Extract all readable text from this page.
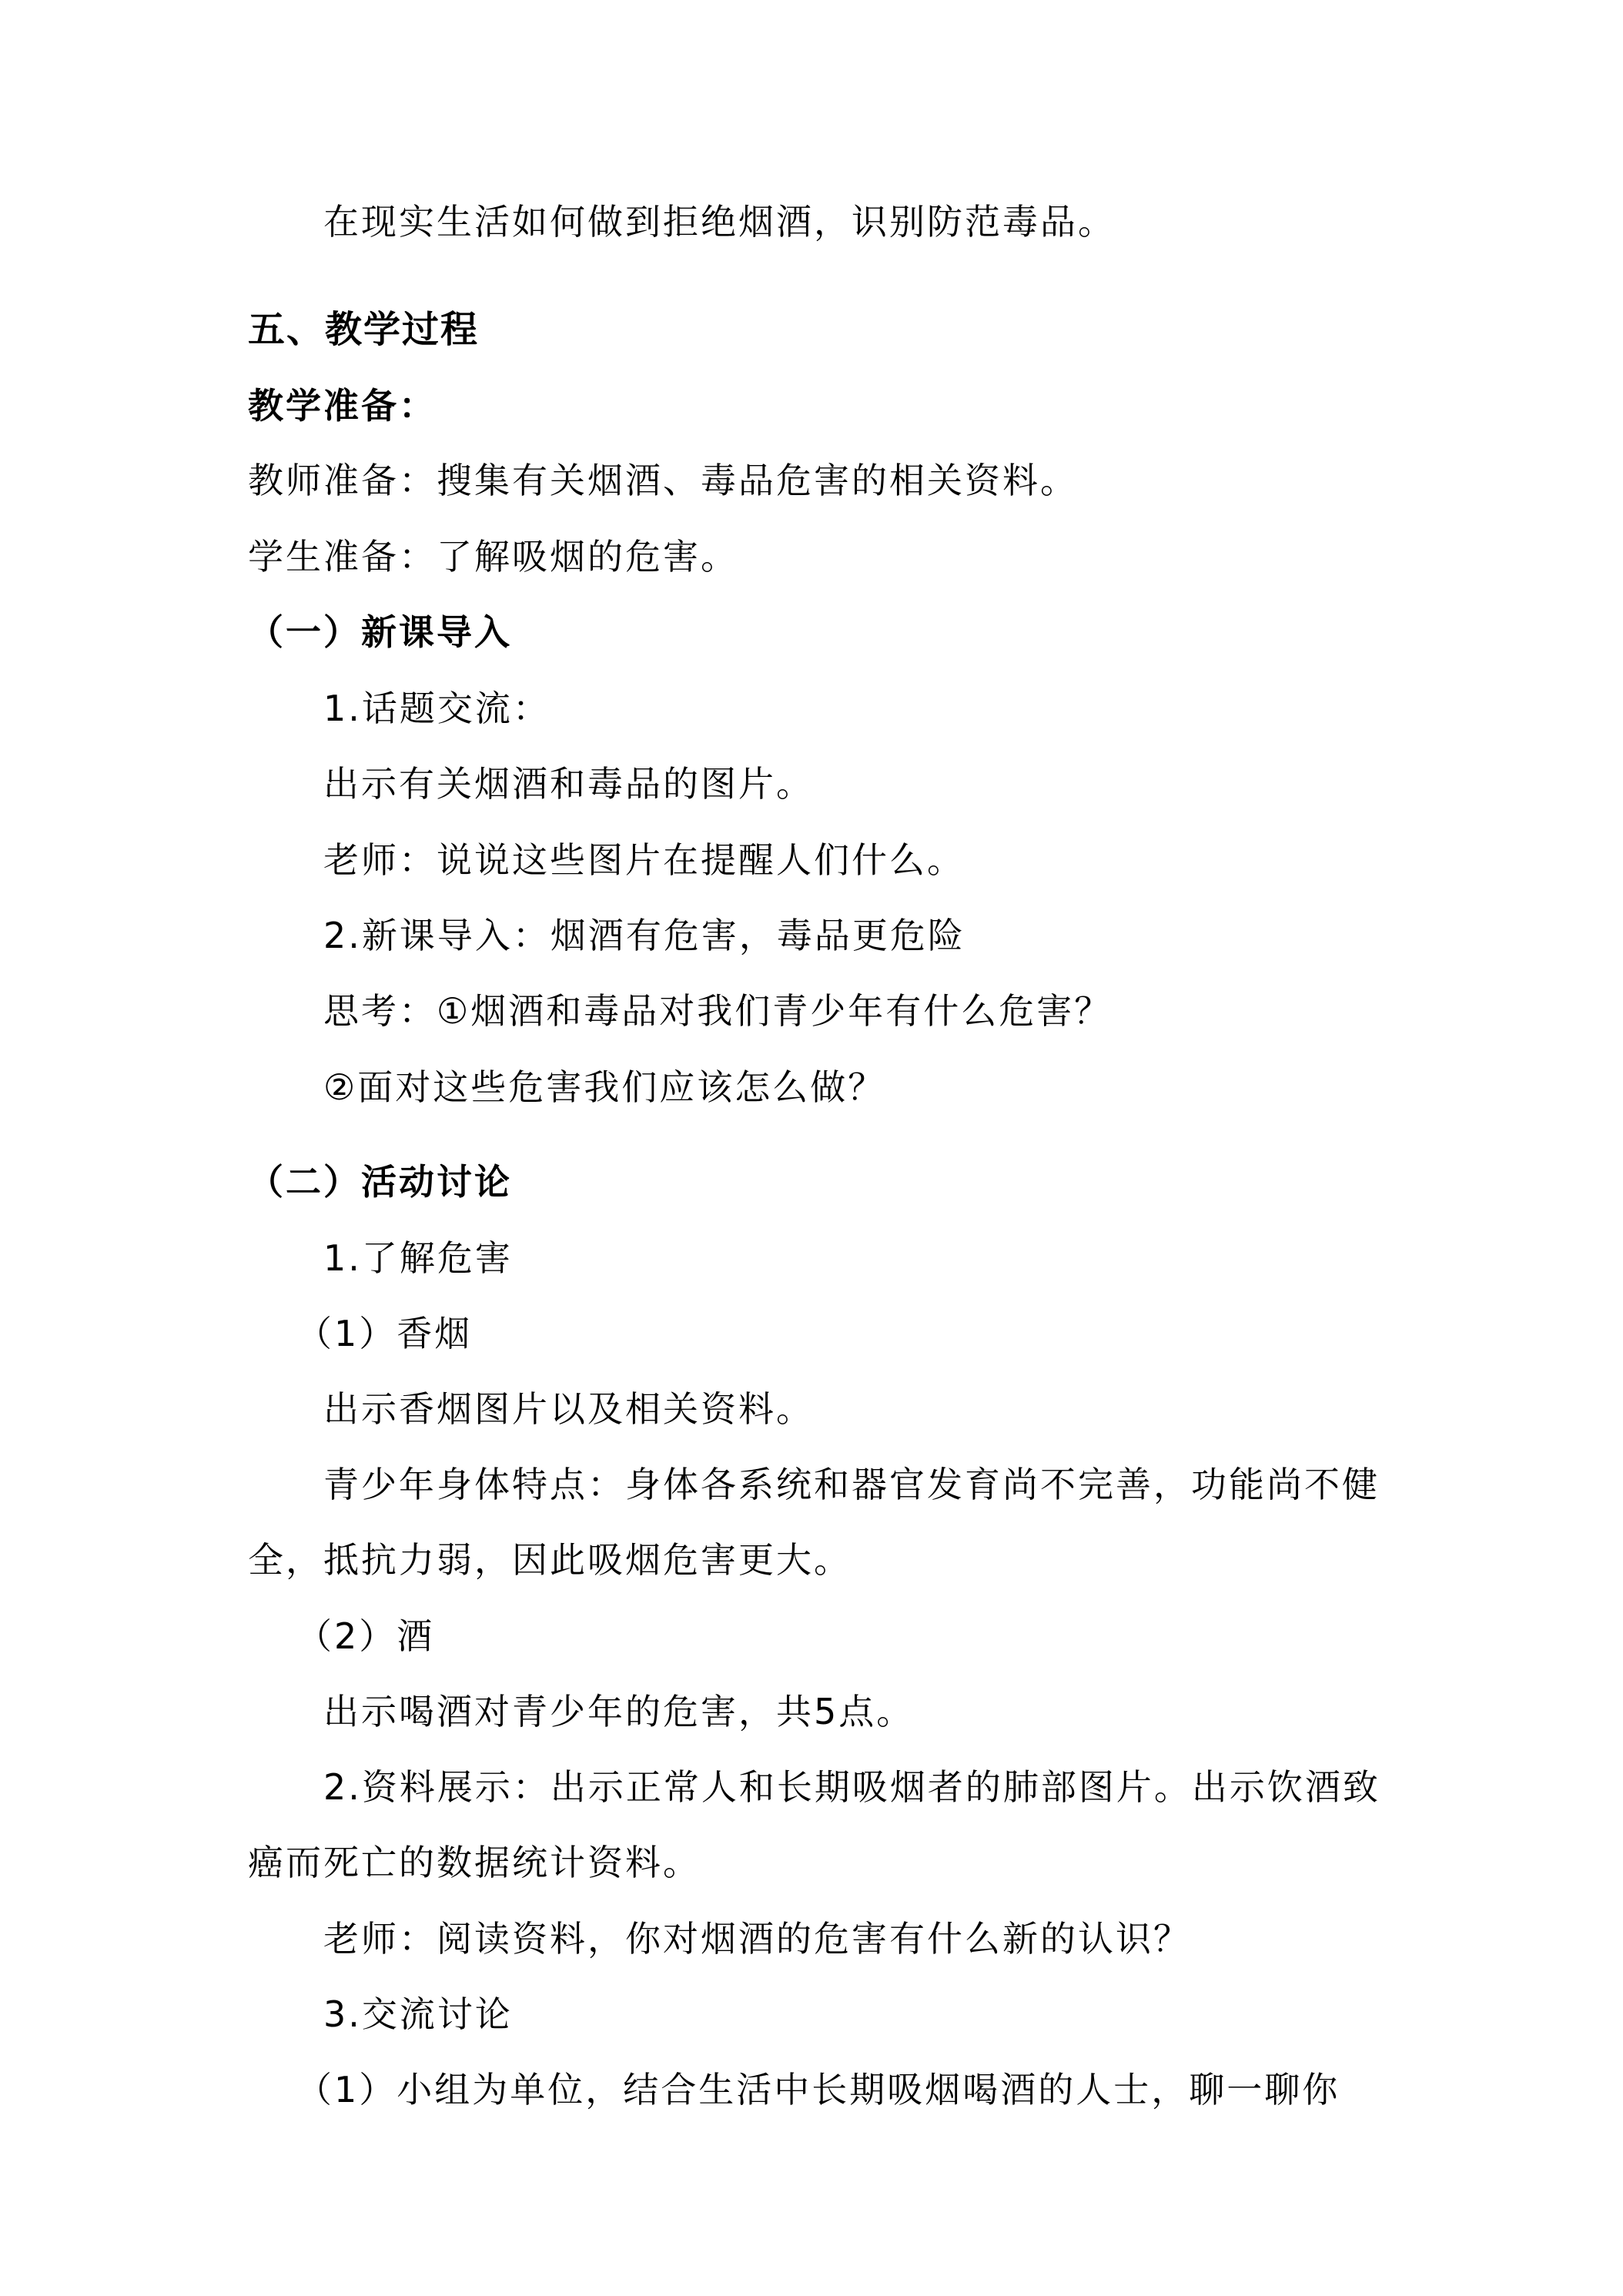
在现实生活如何做到拒绝烟酒，识别防范毒品。
五、教学过程
教学准备：
教师准备：搜集有关烟酒、毒品危害的相关资料。
学生准备：了解吸烟的危害。
（一）新课导入
1.话题交流：
出示有关烟酒和毒品的图片。
老师：说说这些图片在提醒人们什么。
2.新课导入：烟酒有危害，毒品更危险
思考：①烟酒和毒品对我们青少年有什么危害？
②面对这些危害我们应该怎么做？
（二）活动讨论
1.了解危害
（1）香烟
出示香烟图片以及相关资料。
青少年身体特点：身体各系统和器官发育尚不完善，功能尚不健
全，抵抗力弱，因此吸烟危害更大。
（2）酒
出示喝酒对青少年的危害，共5点。
2.资料展示：出示正常人和长期吸烟者的肺部图片。出示饮酒致
癌而死亡的数据统计资料。
老师：阅读资料，你对烟酒的危害有什么新的认识？
3.交流讨论
（1）小组为单位，结合生活中长期吸烟喝酒的人士，聊一聊你
